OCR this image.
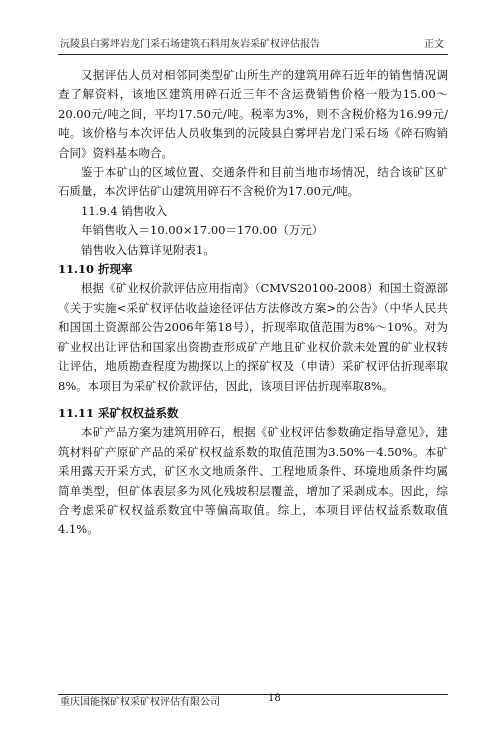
沅陵县白雾坪岩龙门采石场建筑石料用灰岩采矿权评估报告	正文

又据评估人员对相邻同类型矿山所生产的建筑用碎石近年的销售情况调查了解资料，该地区建筑用碎石近三年不含运费销售价格一般为15.00～20.00元/吨之间，平均17.50元/吨。税率为3%，则不含税价格为16.99元/吨。该价格与本次评估人员收集到的沅陵县白雾坪岩龙门采石场《碎石购销合同》资料基本吻合。

鉴于本矿山的区域位置、交通条件和目前当地市场情况，结合该矿区矿石质量，本次评估矿山建筑用碎石不含税价为17.00元/吨。

11.9.4 销售收入

年销售收入＝10.00×17.00＝170.00（万元）

销售收入估算详见附表1。

11.10 折现率

根据《矿业权价款评估应用指南》（CMVS20100-2008）和国土资源部《关于实施<采矿权评估收益途径评估方法修改方案>的公告》（中华人民共和国国土资源部公告2006年第18号），折现率取值范围为8%～10%。对为矿业权出让评估和国家出资勘查形成矿产地且矿业权价款未处置的矿业权转让评估，地质勘查程度为勘探以上的探矿权及（申请）采矿权评估折现率取8%。本项目为采矿权价款评估，因此，该项目评估折现率取8%。

11.11 采矿权权益系数

本矿产品方案为建筑用碎石，根据《矿业权评估参数确定指导意见》，建筑材料矿产原矿产品的采矿权权益系数的取值范围为3.50%－4.50%。本矿采用露天开采方式，矿区水文地质条件、工程地质条件、环境地质条件均属简单类型，但矿体表层多为风化残坡积层覆盖，增加了采剥成本。因此，综合考虑采矿权权益系数宜中等偏高取值。综上，本项目评估权益系数取值4.1%。

重庆国能探矿权采矿权评估有限公司	18
